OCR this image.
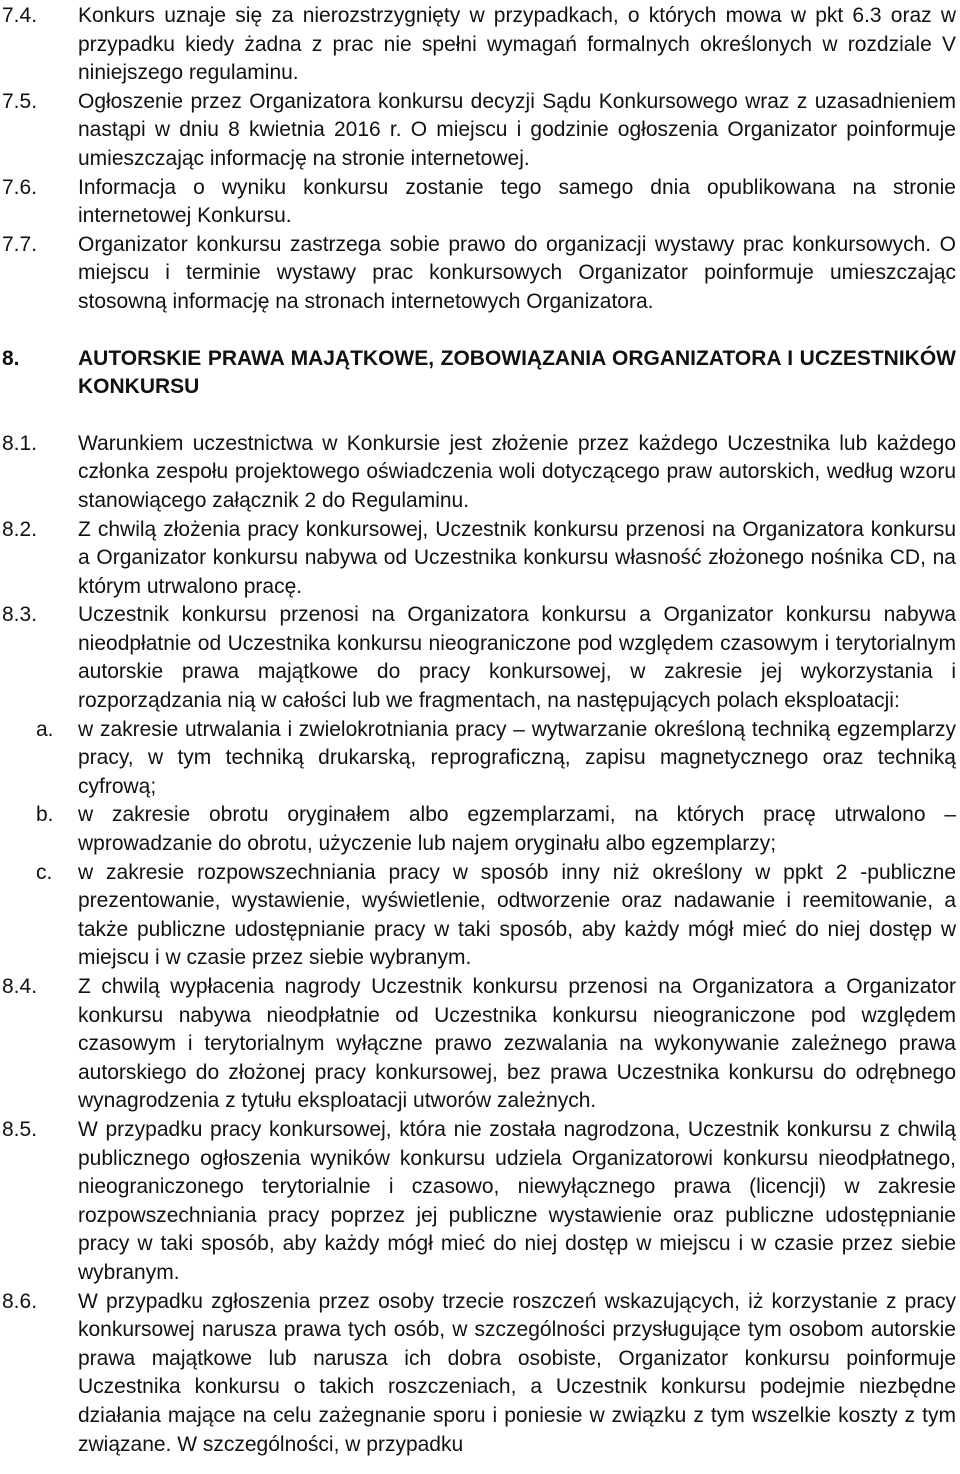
7.4.	Konkurs uznaje się za nierozstrzygnięty w przypadkach, o których mowa w pkt 6.3 oraz w przypadku kiedy żadna z prac nie spełni wymagań formalnych określonych w rozdziale V niniejszego regulaminu.
7.5.	Ogłoszenie przez Organizatora konkursu decyzji Sądu Konkursowego wraz z uzasadnieniem nastąpi w dniu 8 kwietnia 2016 r. O miejscu i godzinie ogłoszenia Organizator poinformuje umieszczając informację na stronie internetowej.
7.6.	Informacja o wyniku konkursu zostanie tego samego dnia opublikowana na stronie internetowej Konkursu.
7.7.	Organizator konkursu zastrzega sobie prawo do organizacji wystawy prac konkursowych. O miejscu i terminie wystawy prac konkursowych Organizator poinformuje umieszczając stosowną informację na stronach internetowych Organizatora.
8.	AUTORSKIE PRAWA MAJĄTKOWE, ZOBOWIĄZANIA ORGANIZATORA I UCZESTNIKÓW KONKURSU
8.1.	Warunkiem uczestnictwa w Konkursie jest złożenie przez każdego Uczestnika lub każdego członka zespołu projektowego oświadczenia woli dotyczącego praw autorskich, według wzoru stanowiącego załącznik 2 do Regulaminu.
8.2.	Z chwilą złożenia pracy konkursowej, Uczestnik konkursu przenosi na Organizatora konkursu a Organizator konkursu nabywa od Uczestnika konkursu własność złożonego nośnika CD, na którym utrwalono pracę.
8.3.	Uczestnik konkursu przenosi na Organizatora konkursu a Organizator konkursu nabywa nieodpłatnie od Uczestnika konkursu nieograniczone pod względem czasowym i terytorialnym autorskie prawa majątkowe do pracy konkursowej, w zakresie jej wykorzystania i rozporządzania nią w całości lub we fragmentach, na następujących polach eksploatacji:
a.	w zakresie utrwalania i zwielokrotniania pracy – wytwarzanie określoną techniką egzemplarzy pracy, w tym techniką drukarską, reprograficzną, zapisu magnetycznego oraz techniką cyfrową;
b.	w zakresie obrotu oryginałem albo egzemplarzami, na których pracę utrwalono – wprowadzanie do obrotu, użyczenie lub najem oryginału albo egzemplarzy;
c.	w zakresie rozpowszechniania pracy w sposób inny niż określony w ppkt 2 -publiczne prezentowanie, wystawienie, wyświetlenie, odtworzenie oraz nadawanie i reemitowanie, a także publiczne udostępnianie pracy w taki sposób, aby każdy mógł mieć do niej dostęp w miejscu i w czasie przez siebie wybranym.
8.4.	Z chwilą wypłacenia nagrody Uczestnik konkursu przenosi na Organizatora a Organizator konkursu nabywa nieodpłatnie od Uczestnika konkursu nieograniczone pod względem czasowym i terytorialnym wyłączne prawo zezwalania na wykonywanie zależnego prawa autorskiego do złożonej pracy konkursowej, bez prawa Uczestnika konkursu do odrębnego wynagrodzenia z tytułu eksploatacji utworów zależnych.
8.5.	W przypadku pracy konkursowej, która nie została nagrodzona, Uczestnik konkursu z chwilą publicznego ogłoszenia wyników konkursu udziela Organizatorowi konkursu nieodpłatnego, nieograniczonego terytorialnie i czasowo, niewyłącznego prawa (licencji) w zakresie rozpowszechniania pracy poprzez jej publiczne wystawienie oraz publiczne udostępnianie pracy w taki sposób, aby każdy mógł mieć do niej dostęp w miejscu i w czasie przez siebie wybranym.
8.6.	W przypadku zgłoszenia przez osoby trzecie roszczeń wskazujących, iż korzystanie z pracy konkursowej narusza prawa tych osób, w szczególności przysługujące tym osobom autorskie prawa majątkowe lub narusza ich dobra osobiste, Organizator konkursu poinformuje Uczestnika konkursu o takich roszczeniach, a Uczestnik konkursu podejmie niezbędne działania mające na celu zażegnanie sporu i poniesie w związku z tym wszelkie koszty z tym związane. W szczególności, w przypadku
